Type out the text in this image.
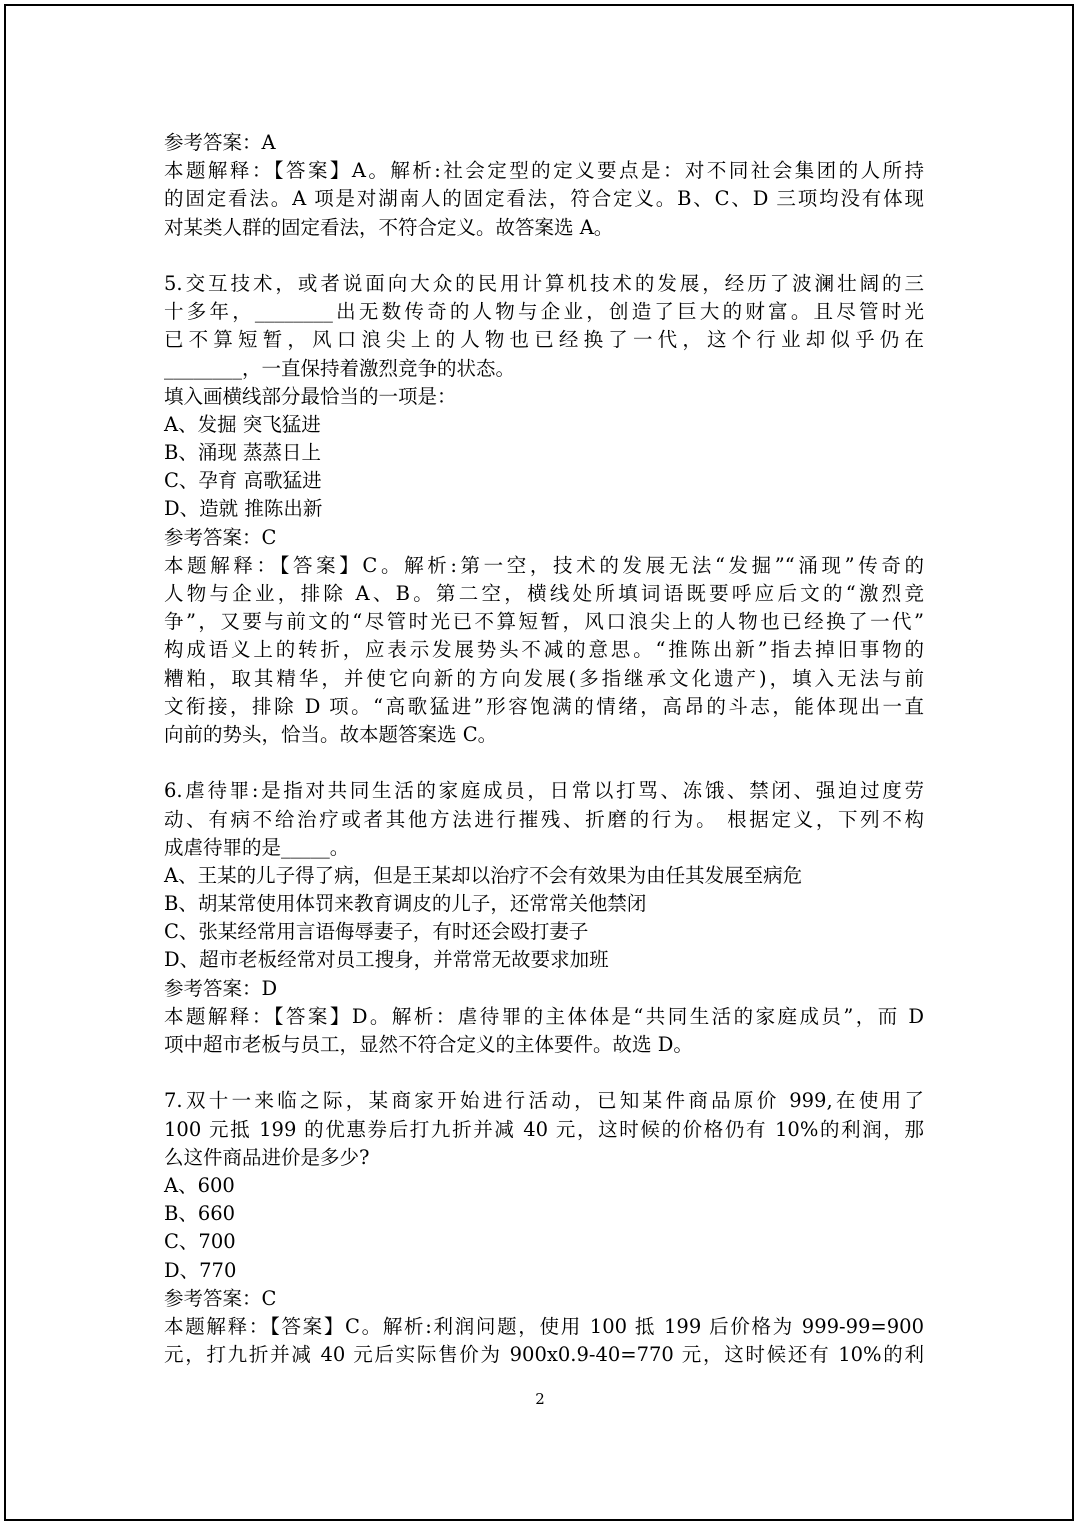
参考答案：A
本题解释：【答案】A。解析:社会定型的定义要点是：对不同社会集团的人所持
的固定看法。A 项是对湖南人的固定看法，符合定义。B、C、D 三项均没有体现
对某类人群的固定看法，不符合定义。故答案选 A。
5.交互技术，或者说面向大众的民用计算机技术的发展，经历了波澜壮阔的三
十多年，________出无数传奇的人物与企业，创造了巨大的财富。且尽管时光
已不算短暂，风口浪尖上的人物也已经换了一代，这个行业却似乎仍在
________，一直保持着激烈竞争的状态。
填入画横线部分最恰当的一项是：
A、发掘 突飞猛进
B、涌现 蒸蒸日上
C、孕育 高歌猛进
D、造就 推陈出新
参考答案：C
本题解释：【答案】C。解析:第一空，技术的发展无法“发掘”“涌现”传奇的
人物与企业，排除 A、B。第二空，横线处所填词语既要呼应后文的“激烈竞
争”，又要与前文的“尽管时光已不算短暂，风口浪尖上的人物也已经换了一代”
构成语义上的转折，应表示发展势头不减的意思。“推陈出新”指去掉旧事物的
糟粕，取其精华，并使它向新的方向发展(多指继承文化遗产)，填入无法与前
文衔接，排除 D 项。“高歌猛进”形容饱满的情绪，高昂的斗志，能体现出一直
向前的势头，恰当。故本题答案选 C。
6.虐待罪:是指对共同生活的家庭成员，日常以打骂、冻饿、禁闭、强迫过度劳
动、有病不给治疗或者其他方法进行摧残、折磨的行为。 根据定义，下列不构
成虐待罪的是_____。
A、王某的儿子得了病，但是王某却以治疗不会有效果为由任其发展至病危
B、胡某常使用体罚来教育调皮的儿子，还常常关他禁闭
C、张某经常用言语侮辱妻子，有时还会殴打妻子
D、超市老板经常对员工搜身，并常常无故要求加班
参考答案：D
本题解释：【答案】D。解析：虐待罪的主体体是“共同生活的家庭成员”，而 D
项中超市老板与员工，显然不符合定义的主体要件。故选 D。
7.双十一来临之际，某商家开始进行活动，已知某件商品原价 999,在使用了
100 元抵 199 的优惠券后打九折并减 40 元，这时候的价格仍有 10%的利润，那
么这件商品进价是多少?
A、600
B、660
C、700
D、770
参考答案：C
本题解释：【答案】C。解析:利润问题，使用 100 抵 199 后价格为 999-99=900
元，打九折并减 40 元后实际售价为 900x0.9-40=770 元，这时候还有 10%的利
2
